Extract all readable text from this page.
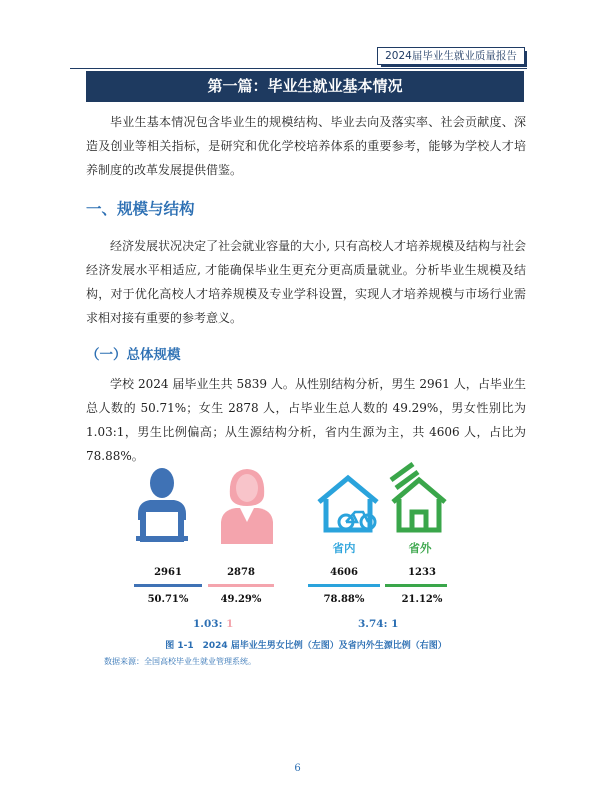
2024届毕业生就业质量报告
第一篇：毕业生就业基本情况
毕业生基本情况包含毕业生的规模结构、毕业去向及落实率、社会贡献度、深造及创业等相关指标，是研究和优化学校培养体系的重要参考，能够为学校人才培养制度的改革发展提供借鉴。
一、规模与结构
经济发展状况决定了社会就业容量的大小, 只有高校人才培养规模及结构与社会经济发展水平相适应, 才能确保毕业生更充分更高质量就业。分析毕业生规模及结构，对于优化高校人才培养规模及专业学科设置，实现人才培养规模与市场行业需求相对接有重要的参考意义。
（一）总体规模
学校 2024 届毕业生共 5839 人。从性别结构分析，男生 2961 人，占毕业生总人数的 50.71%；女生 2878 人，占毕业生总人数的 49.29%，男女性别比为 1.03:1，男生比例偏高；从生源结构分析，省内生源为主，共 4606 人，占比为 78.88%。
省内	省外
2961	2878	4606	1233
50.71%	49.29%	78.88%	21.12%
1.03: 1	3.74: 1
图 1-1　2024 届毕业生男女比例（左图）及省内外生源比例（右图）
数据来源：全国高校毕业生就业管理系统。
6
